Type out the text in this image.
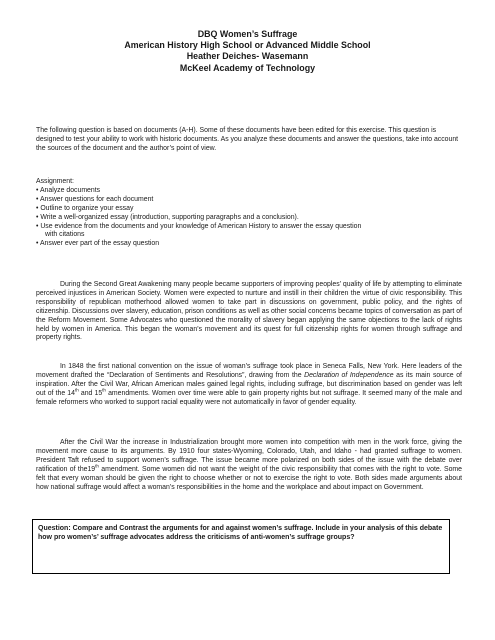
DBQ Women’s Suffrage
American History High School or Advanced Middle School
Heather Deiches- Wasemann
McKeel Academy of Technology
The following question is based on documents (A-H). Some of these documents have been edited for this exercise. This question is designed to test your ability to work with historic documents. As you analyze these documents and answer the questions, take into account the sources of the document and the author’s point of view.
Assignment:
• Analyze documents
• Answer questions for each document
• Outline to organize your essay
• Write a well-organized essay (introduction, supporting paragraphs and a conclusion).
• Use evidence from the documents and your knowledge of American History to answer the essay question
with citations
• Answer ever part of the essay question

During the Second Great Awakening many people became supporters of improving peoples’ quality of life by attempting to eliminate perceived injustices in American Society. Women were expected to nurture and instill in their children the virtue of civic responsibility. This responsibility of republican motherhood allowed women to take part in discussions on government, public policy, and the rights of citizenship. Discussions over slavery, education, prison conditions as well as other social concerns became topics of conversation as part of the Reform Movement. Some Advocates who questioned the morality of slavery began applying the same objections to the lack of rights held by women in America. This began the woman’s movement and its quest for full citizenship rights for women through suffrage and property rights.

In 1848 the first national convention on the issue of woman’s suffrage took place in Seneca Falls, New York. Here leaders of the movement drafted the “Declaration of Sentiments and Resolutions”, drawing from the Declaration of Independence as its main source of inspiration. After the Civil War, African American males gained legal rights, including suffrage, but discrimination based on gender was left out of the 14th and 15th amendments. Women over time were able to gain property rights but not suffrage. It seemed many of the male and female reformers who worked to support racial equality were not automatically in favor of gender equality.

After the Civil War the increase in Industrialization brought more women into competition with men in the work force, giving the movement more cause to its arguments. By 1910 four states-Wyoming, Colorado, Utah, and Idaho - had granted suffrage to women. President Taft refused to support women’s suffrage. The issue became more polarized on both sides of the issue with the debate over ratification of the19th amendment. Some women did not want the weight of the civic responsibility that comes with the right to vote. Some felt that every woman should be given the right to choose whether or not to exercise the right to vote. Both sides made arguments about how national suffrage would affect a woman’s responsibilities in the home and the workplace and about impact on Government.

Question: Compare and Contrast the arguments for and against women’s suffrage. Include in your analysis of this debate how pro women’s’ suffrage advocates address the criticisms of anti-women’s suffrage groups?
